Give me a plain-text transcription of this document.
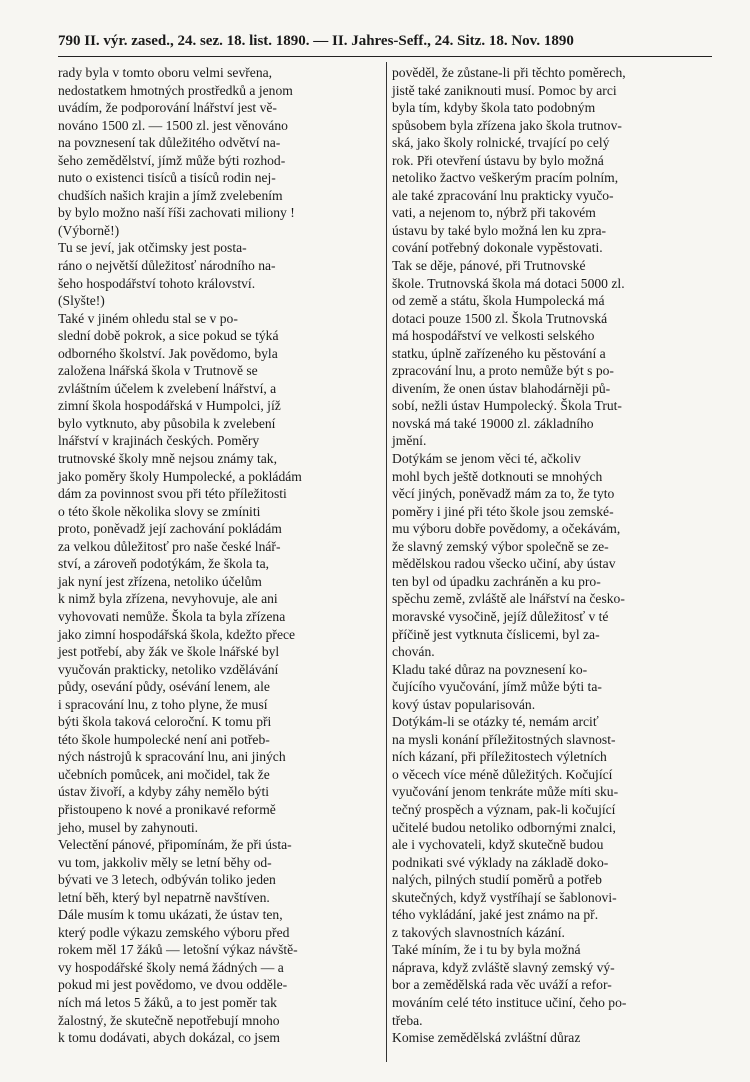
790 II. výr. zased., 24. sez. 18. list. 1890. — II. Jahres-Seff., 24. Sitz. 18. Nov. 1890
rady byla v tomto oboru velmi sevřena,
nedostatkem hmotných prostředků a jenom
uvádím, že podporování lnářství jest vě-
nováno 1500 zl. — 1500 zl. jest věnováno
na povznesení tak důležitého odvětví na-
šeho zemědělství, jímž může býti rozhod-
nuto o existenci tisíců a tisíců rodin nej-
chudších našich krajin a jímž zvelebením
by bylo možno naší říši zachovati miliony !
(Výborně!)
Tu se jeví, jak otčimsky jest posta-
ráno o největší důležitosť národního na-
šeho hospodářství tohoto království.
(Slyšte!)
Také v jiném ohledu stal se v po-
slední době pokrok, a sice pokud se týká
odborného školství. Jak povědomo, byla
založena lnářská škola v Trutnově se
zvláštním účelem k zvelebení lnářství, a
zimní škola hospodářská v Humpolci, jíž
bylo vytknuto, aby působila k zvelebení
lnářství v krajinách českých. Poměry
trutnovské školy mně nejsou známy tak,
jako poměry školy Humpolecké, a pokládám
dám za povinnost svou při této příležitosti
o této škole několika slovy se zmíniti
proto, poněvadž její zachování pokládám
za velkou důležitosť pro naše české lnář-
ství, a zároveň podotýkám, že škola ta,
jak nyní jest zřízena, netoliko účelům
k nimž byla zřízena, nevyhovuje, ale ani
vyhovovati nemůže. Škola ta byla zřízena
jako zimní hospodářská škola, kdežto přece
jest potřebí, aby žák ve škole lnářské byl
vyučován prakticky, netoliko vzdělávání
půdy, osevání půdy, osévání lenem, ale
i spracování lnu, z toho plyne, že musí
býti škola taková celoroční. K tomu při
této škole humpolecké není ani potřeb-
ných nástrojů k spracování lnu, ani jiných
učebních pomůcek, ani močidel, tak že
ústav živoří, a kdyby záhy nemělo býti
přistoupeno k nové a pronikavé reformě
jeho, musel by zahynouti.
Velectění pánové, připomínám, že při ústa-
vu tom, jakkoliv měly se letní běhy od-
bývati ve 3 letech, odbýván toliko jeden
letní běh, který byl nepatrně navštíven.
Dále musím k tomu ukázati, že ústav ten,
který podle výkazu zemského výboru před
rokem měl 17 žáků — letošní výkaz návště-
vy hospodářské školy nemá žádných — a
pokud mi jest povědomo, ve dvou odděle-
ních má letos 5 žáků, a to jest poměr tak
žalostný, že skutečně nepotřebují mnoho
k tomu dodávati, abych dokázal, co jsem
pověděl, že zůstane-li při těchto poměrech,
jistě také zaniknouti musí. Pomoc by arci
byla tím, kdyby škola tato podobným
spůsobem byla zřízena jako škola trutnov-
ská, jako školy rolnické, trvající po celý
rok. Při otevření ústavu by bylo možná
netoliko žactvo veškerým pracím polním,
ale také zpracování lnu prakticky vyučo-
vati, a nejenom to, nýbrž při takovém
ústavu by také bylo možná len ku zpra-
cování potřebný dokonale vypěstovati.
Tak se děje, pánové, při Trutnovské
škole. Trutnovská škola má dotaci 5000 zl.
od země a státu, škola Humpolecká má
dotaci pouze 1500 zl. Škola Trutnovská
má hospodářství ve velkosti selského
statku, úplně zařízeného ku pěstování a
zpracování lnu, a proto nemůže být s po-
divením, že onen ústav blahodárněji pů-
sobí, nežli ústav Humpolecký. Škola Trut-
novská má také 19000 zl. základního
jmění.
Dotýkám se jenom věci té, ačkoliv
mohl bych ještě dotknouti se mnohých
věcí jiných, poněvadž mám za to, že tyto
poměry i jiné při této škole jsou zemské-
mu výboru dobře povědomy, a očekávám,
že slavný zemský výbor společně se ze-
mědělskou radou všecko učiní, aby ústav
ten byl od úpadku zachráněn a ku pro-
spěchu země, zvláště ale lnářství na česko-
moravské vysočině, jejíž důležitosť v té
příčině jest vytknuta číslicemi, byl za-
chován.
Kladu také důraz na povznesení ko-
čujícího vyučování, jímž může býti ta-
kový ústav popularisován.
Dotýkám-li se otázky té, nemám arciť
na mysli konání příležitostných slavnost-
ních kázaní, při příležitostech výletních
o věcech více méně důležitých. Kočující
vyučování jenom tenkráte může míti sku-
tečný prospěch a význam, pak-li kočující
učitelé budou netoliko odbornými znalci,
ale i vychovateli, když skutečně budou
podnikati své výklady na základě doko-
nalých, pilných studií poměrů a potřeb
skutečných, když vystříhají se šablonovi-
tého vykládání, jaké jest známo na př.
z takových slavnostních kázání.
Také míním, že i tu by byla možná
náprava, když zvláště slavný zemský vý-
bor a zemědělská rada věc uváží a refor-
mováním celé této instituce učiní, čeho po-
třeba.
Komise zemědělská zvláštní důraz
